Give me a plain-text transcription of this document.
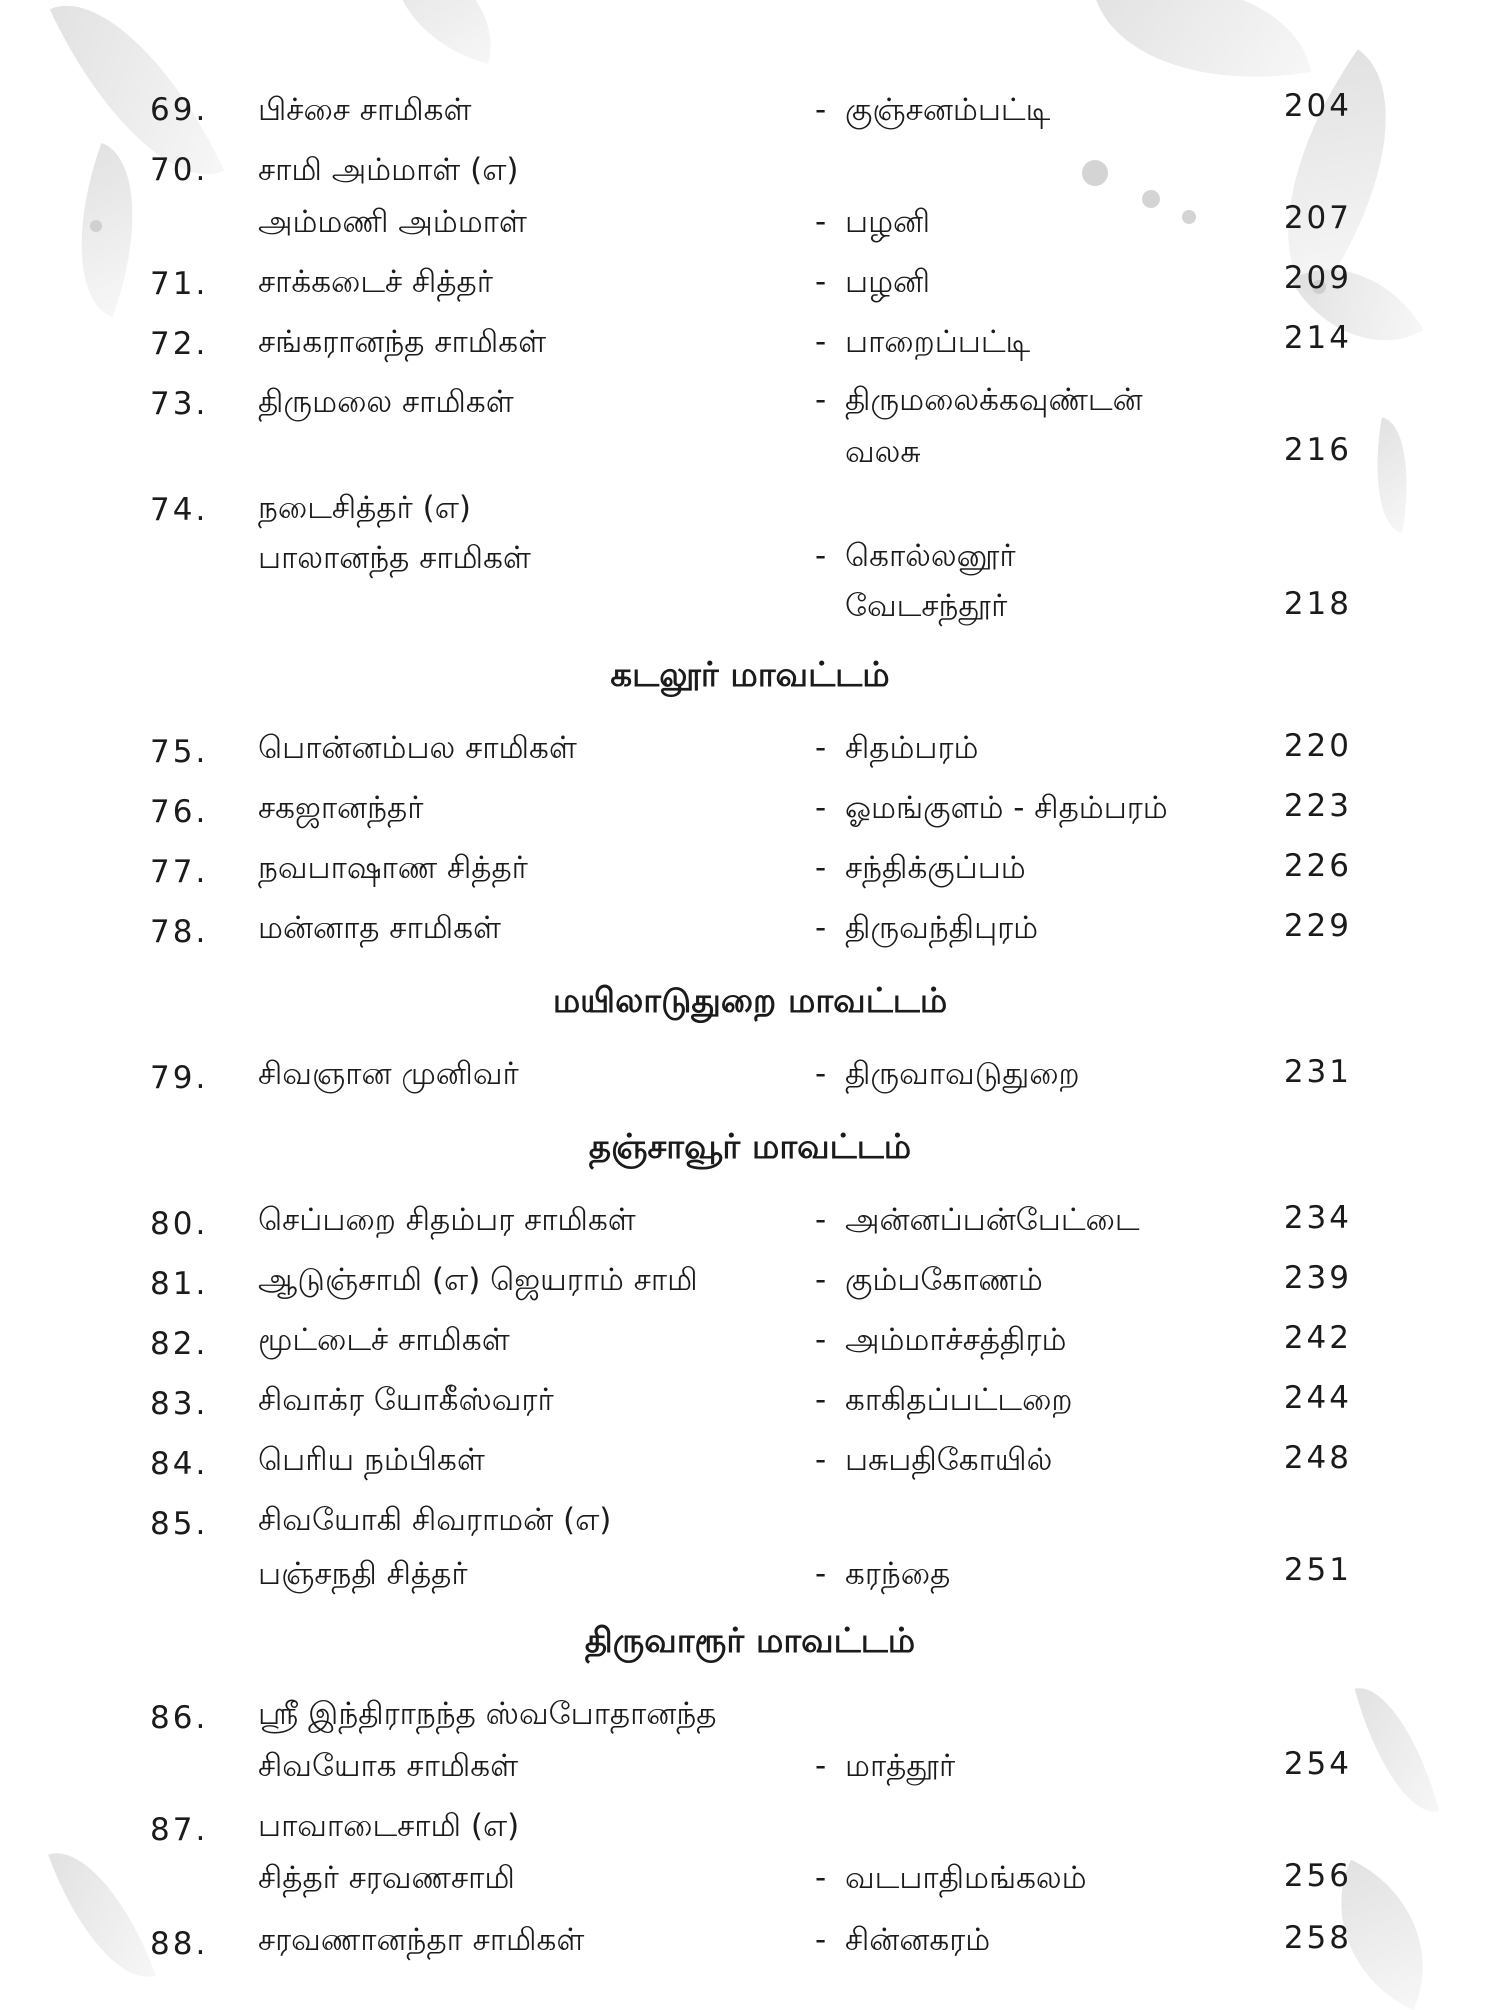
69. பிச்சை சாமிகள்	- குஞ்சனம்பட்டி	204
70. சாமி அம்மாள் (எ)
அம்மணி அம்மாள்	- பழனி	207
71. சாக்கடைச் சித்தர்	- பழனி	209
72. சங்கரானந்த சாமிகள்	- பாறைப்பட்டி	214
73. திருமலை சாமிகள்	- திருமலைக்கவுண்டன்
வலசு	216
74. நடைசித்தர் (எ)
பாலானந்த சாமிகள்	- கொல்லனூர்
வேடசந்தூர்	218
கடலூர் மாவட்டம்
75. பொன்னம்பல சாமிகள்	- சிதம்பரம்	220
76. சகஜானந்தர்	- ஓமங்குளம் - சிதம்பரம்	223
77. நவபாஷாண சித்தர்	- சந்திக்குப்பம்	226
78. மன்னாத சாமிகள்	- திருவந்திபுரம்	229
மயிலாடுதுறை மாவட்டம்
79. சிவஞான முனிவர்	- திருவாவடுதுறை	231
தஞ்சாவூர் மாவட்டம்
80. செப்பறை சிதம்பர சாமிகள்	- அன்னப்பன்பேட்டை	234
81. ஆடுஞ்சாமி (எ) ஜெயராம் சாமி	- கும்பகோணம்	239
82. மூட்டைச் சாமிகள்	- அம்மாச்சத்திரம்	242
83. சிவாக்ர யோகீஸ்வரர்	- காகிதப்பட்டறை	244
84. பெரிய நம்பிகள்	- பசுபதிகோயில்	248
85. சிவயோகி சிவராமன் (எ)
பஞ்சநதி சித்தர்	- கரந்தை	251
திருவாரூர் மாவட்டம்
86. ஸ்ரீ இந்திராநந்த ஸ்வபோதானந்த
சிவயோக சாமிகள்	- மாத்தூர்	254
87. பாவாடைசாமி (எ)
சித்தர் சரவணசாமி	- வடபாதிமங்கலம்	256
88. சரவணானந்தா சாமிகள்	- சின்னகரம்	258
